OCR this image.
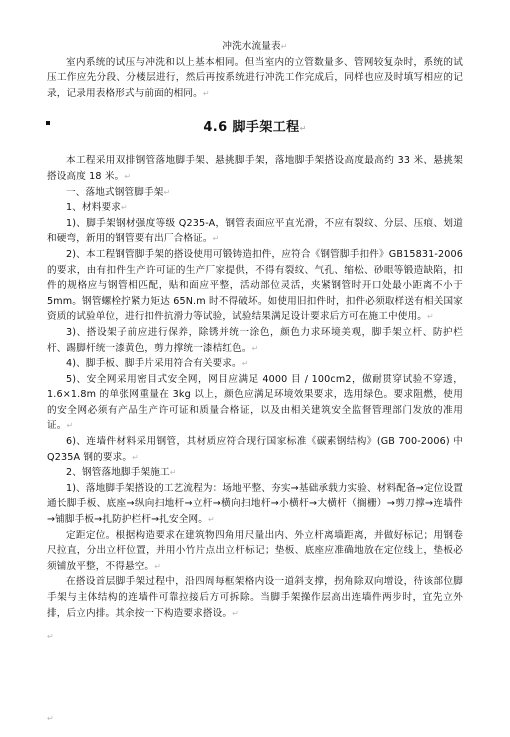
冲洗水流量表↵

室内系统的试压与冲洗和以上基本相同。但当室内的立管数量多、管网较复杂时，系统的试压工作应先分段、分楼层进行，然后再按系统进行冲洗工作完成后，同样也应及时填写相应的记录，记录用表格形式与前面的相同。↵

4.6 脚手架工程↵

本工程采用双排钢管落地脚手架、悬挑脚手架，落地脚手架搭设高度最高约 33 米、悬挑架搭设高度 18 米。↵

一、落地式钢管脚手架↵

1、材料要求↵

1)、脚手架钢材强度等级 Q235-A，钢管表面应平直光滑，不应有裂纹、分层、压痕、划道和硬弯，新用的钢管要有出厂合格证。↵

2)、本工程钢管脚手架的搭设使用可锻铸造扣件，应符合《钢管脚手扣件》GB15831-2006 的要求，由有扣件生产许可证的生产厂家提供，不得有裂纹、气孔、缩松、砂眼等锻造缺陷，扣件的规格应与钢管相匹配，贴和面应平整，活动部位灵活，夹紧钢管时开口处最小距离不小于 5mm。钢管螺栓拧紧力矩达 65N.m 时不得破坏。如使用旧扣件时，扣件必须取样送有相关国家资质的试验单位，进行扣件抗滑力等试验，试验结果满足设计要求后方可在施工中使用。↵

3)、搭设架子前应进行保养，除锈并统一涂色，颜色力求环境美观，脚手架立杆、防护栏杆、踢脚杆统一漆黄色，剪力撑统一漆桔红色。↵

4)、脚手板、脚手片采用符合有关要求。↵

5)、安全网采用密目式安全网，网目应满足 4000 目 / 100cm2，做耐贯穿试验不穿透，1.6×1.8m 的单张网重量在 3kg 以上，颜色应满足环境效果要求，选用绿色。要求阻燃，使用的安全网必须有产品生产许可证和质量合格证，以及由相关建筑安全监督管理部门发放的准用证。↵

6)、连墙件材料采用钢管，其材质应符合现行国家标准《碳素钢结构》(GB 700-2006) 中 Q235A 钢的要求。↵

2、钢管落地脚手架施工↵

1)、落地脚手架搭设的工艺流程为：场地平整、夯实→基础承载力实验、材料配备→定位设置通长脚手板、底座→纵向扫地杆→立杆→横向扫地杆→小横杆→大横杆（搁栅）→剪刀撑→连墙件→铺脚手板→扎防护栏杆→扎安全网。↵

定距定位。根据构造要求在建筑物四角用尺量出内、外立杆离墙距离，并做好标记；用钢卷尺拉直，分出立杆位置，并用小竹片点出立杆标记；垫板、底座应准确地放在定位线上，垫板必须铺放平整，不得悬空。↵

在搭设首层脚手架过程中，沿四周每框架格内设一道斜支撑，拐角除双向增设，待该部位脚手架与主体结构的连墙件可靠拉接后方可拆除。当脚手架操作层高出连墙件两步时，宜先立外排，后立内排。其余按一下构造要求搭设。↵

↵

↵
